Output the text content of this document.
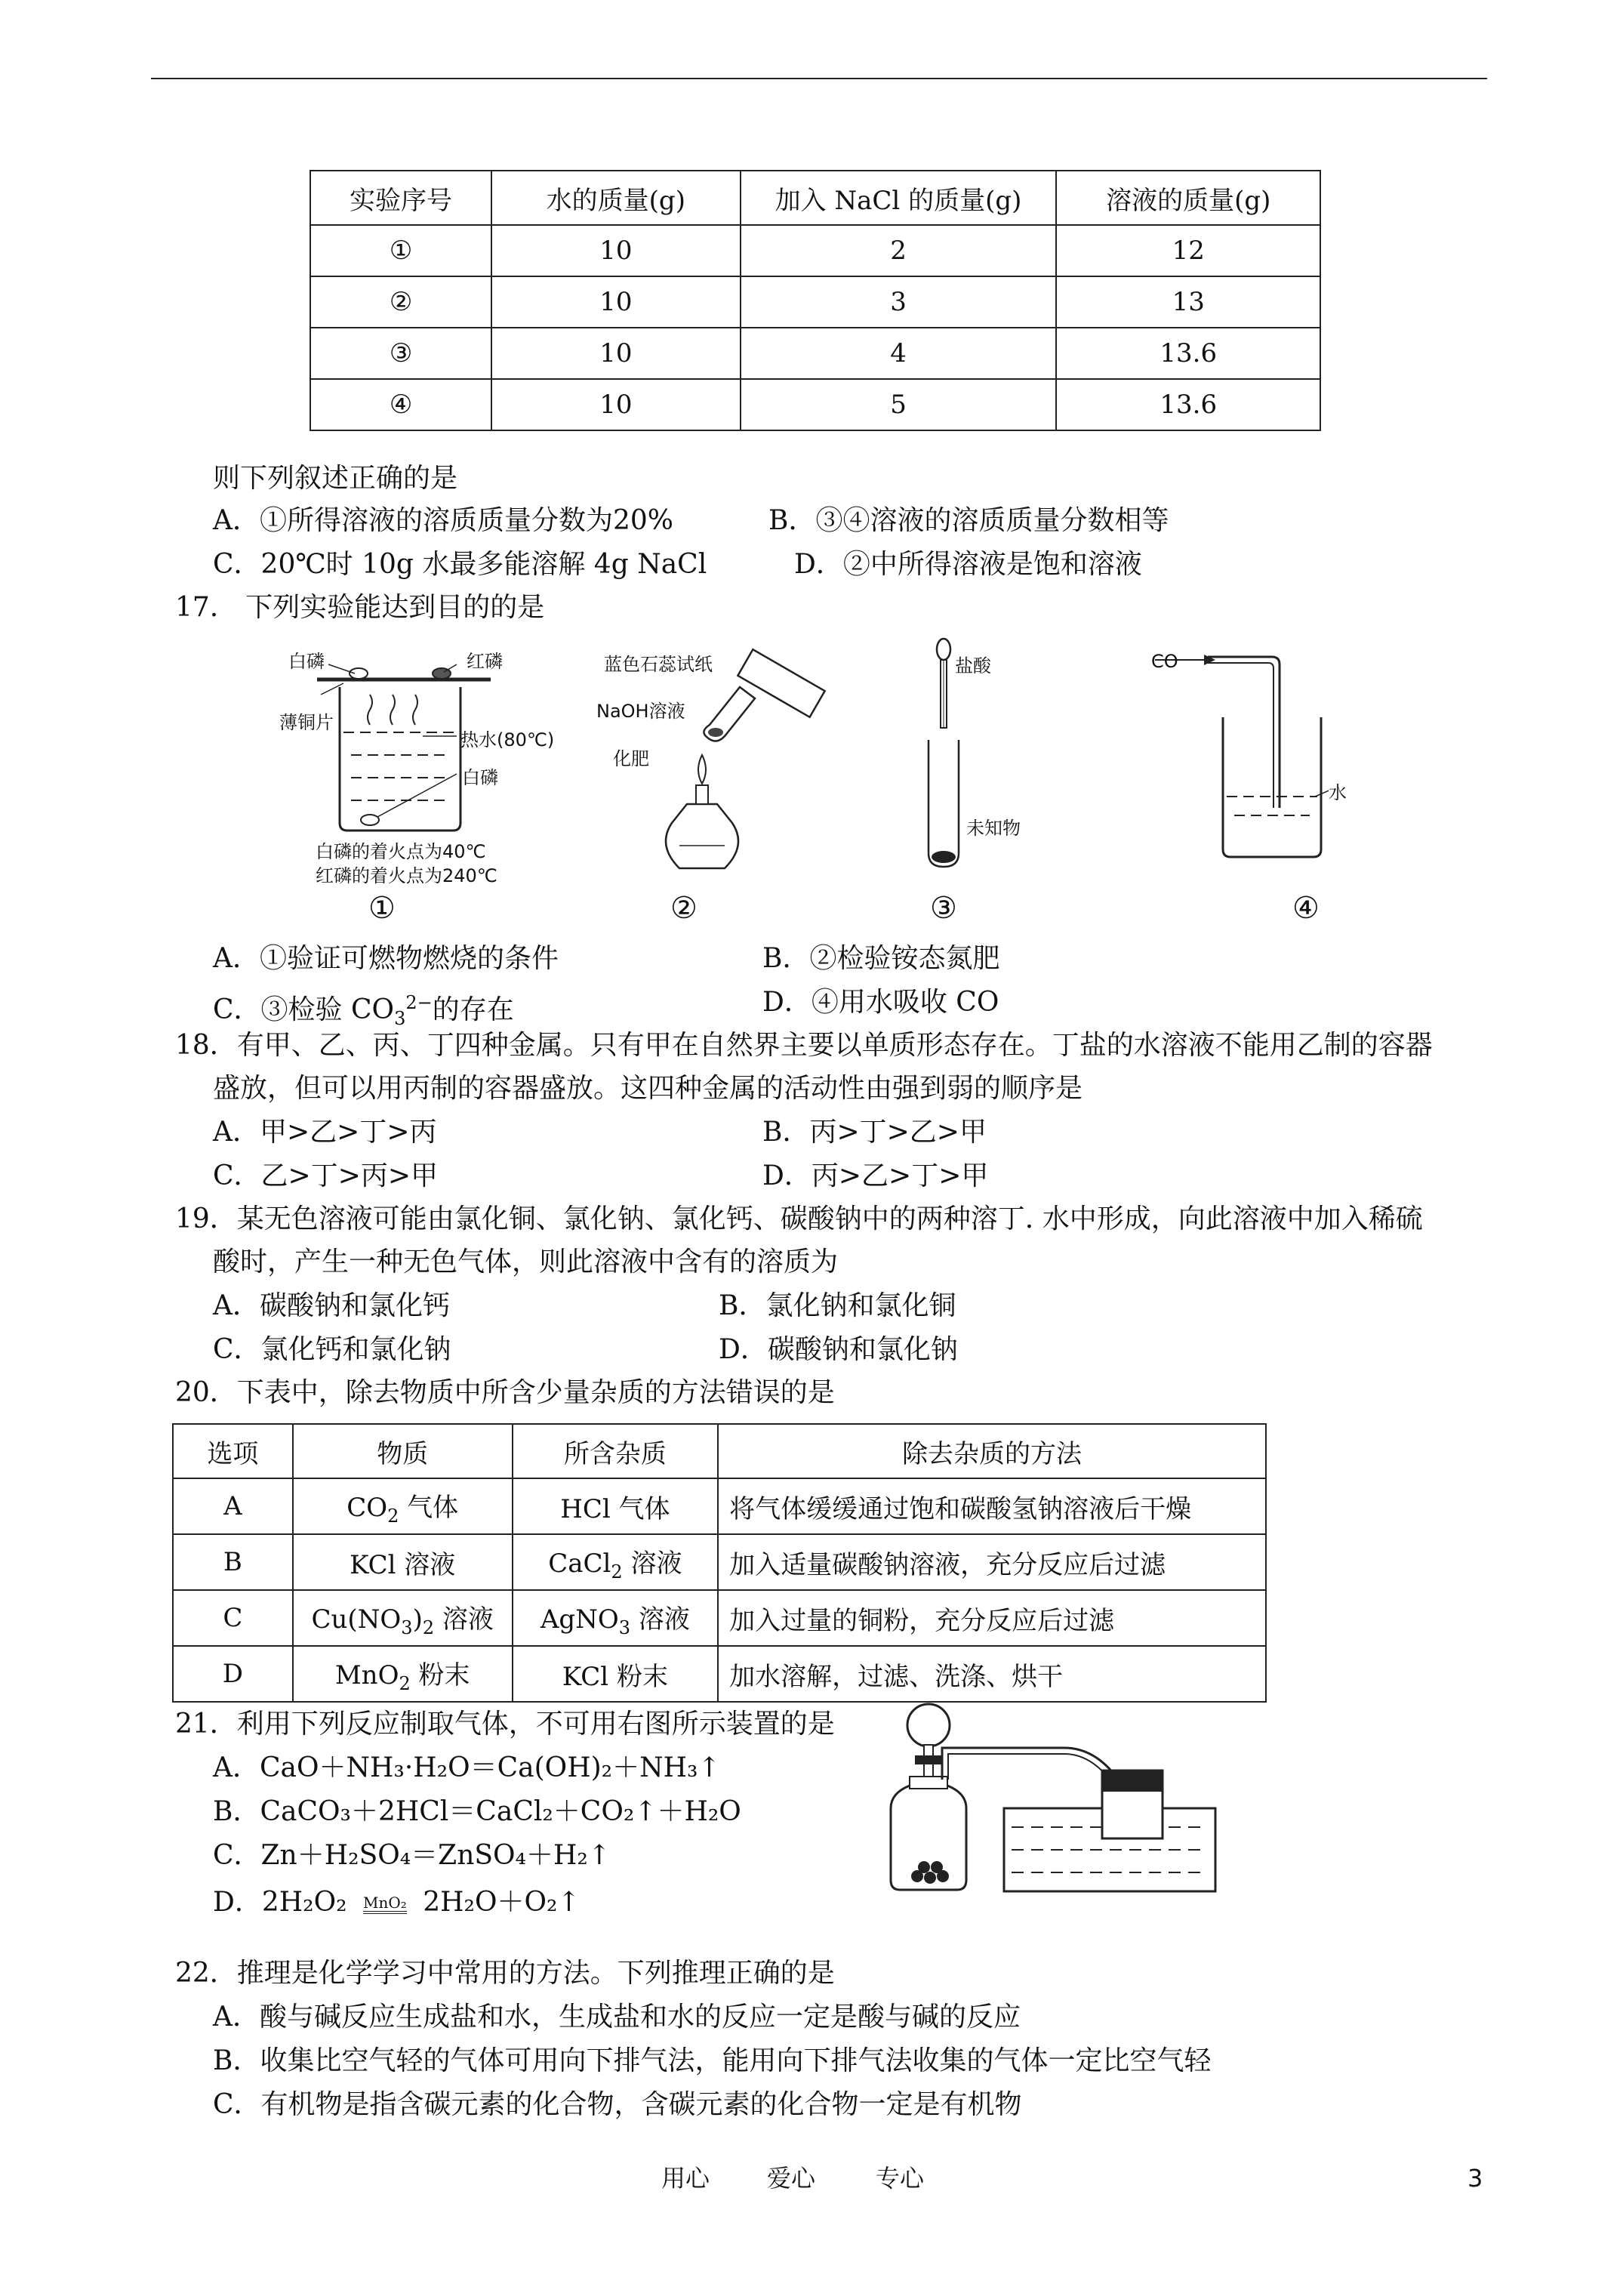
实验序号	水的质量(g)	加入 NaCl 的质量(g)	溶液的质量(g)
①	10	2	12
②	10	3	13
③	10	4	13.6
④	10	5	13.6
则下列叙述正确的是
A．①所得溶液的溶质质量分数为20%	B．③④溶液的溶质质量分数相等
C．20℃时 10g 水最多能溶解 4g NaCl	D．②中所得溶液是饱和溶液
17.　下列实验能达到目的的是
白磷	红磷
薄铜片
热水(80℃)
白磷
白磷的着火点为40℃
红磷的着火点为240℃
①
蓝色石蕊试纸
NaOH溶液
化肥
②
盐酸
未知物
③
CO
水
④
A．①验证可燃物燃烧的条件	B．②检验铵态氮肥
C．③检验 $CO_3^{2-}$的存在	D．④用水吸收 CO
18．有甲、乙、丙、丁四种金属。只有甲在自然界主要以单质形态存在。丁盐的水溶液不能用乙制的容器
盛放，但可以用丙制的容器盛放。这四种金属的活动性由强到弱的顺序是
A．甲>乙>丁>丙	B．丙>丁>乙>甲
C．乙>丁>丙>甲	D．丙>乙>丁>甲
19．某无色溶液可能由氯化铜、氯化钠、氯化钙、碳酸钠中的两种溶丁. 水中形成，向此溶液中加入稀硫
酸时，产生一种无色气体，则此溶液中含有的溶质为
A．碳酸钠和氯化钙	B．氯化钠和氯化铜
C．氯化钙和氯化钠	D．碳酸钠和氯化钠
20．下表中，除去物质中所含少量杂质的方法错误的是
选项	物质	所含杂质	除去杂质的方法
A	$CO_2$ 气体	HCl 气体	将气体缓缓通过饱和碳酸氢钠溶液后干燥
B	KCl 溶液	CaCl$_2$ 溶液	加入适量碳酸钠溶液，充分反应后过滤
C	$Cu(NO_3)_2$ 溶液	AgNO$_3$ 溶液	加入过量的铜粉，充分反应后过滤
D	MnO$_2$ 粉末	KCl 粉末	加水溶解，过滤、洗涤、烘干
21．利用下列反应制取气体，不可用右图所示装置的是
A．CaO＋NH₃·H₂O＝Ca(OH)₂＋NH₃↑
B．CaCO₃＋2HCl＝CaCl₂＋CO₂↑＋H₂O
C．Zn＋H₂SO₄＝ZnSO₄＋H₂↑
D．2H₂O₂ MnO₂ 2H₂O＋O₂↑
22．推理是化学学习中常用的方法。下列推理正确的是
A．酸与碱反应生成盐和水，生成盐和水的反应一定是酸与碱的反应
B．收集比空气轻的气体可用向下排气法，能用向下排气法收集的气体一定比空气轻
C．有机物是指含碳元素的化合物，含碳元素的化合物一定是有机物
用心 爱心 专心	3
